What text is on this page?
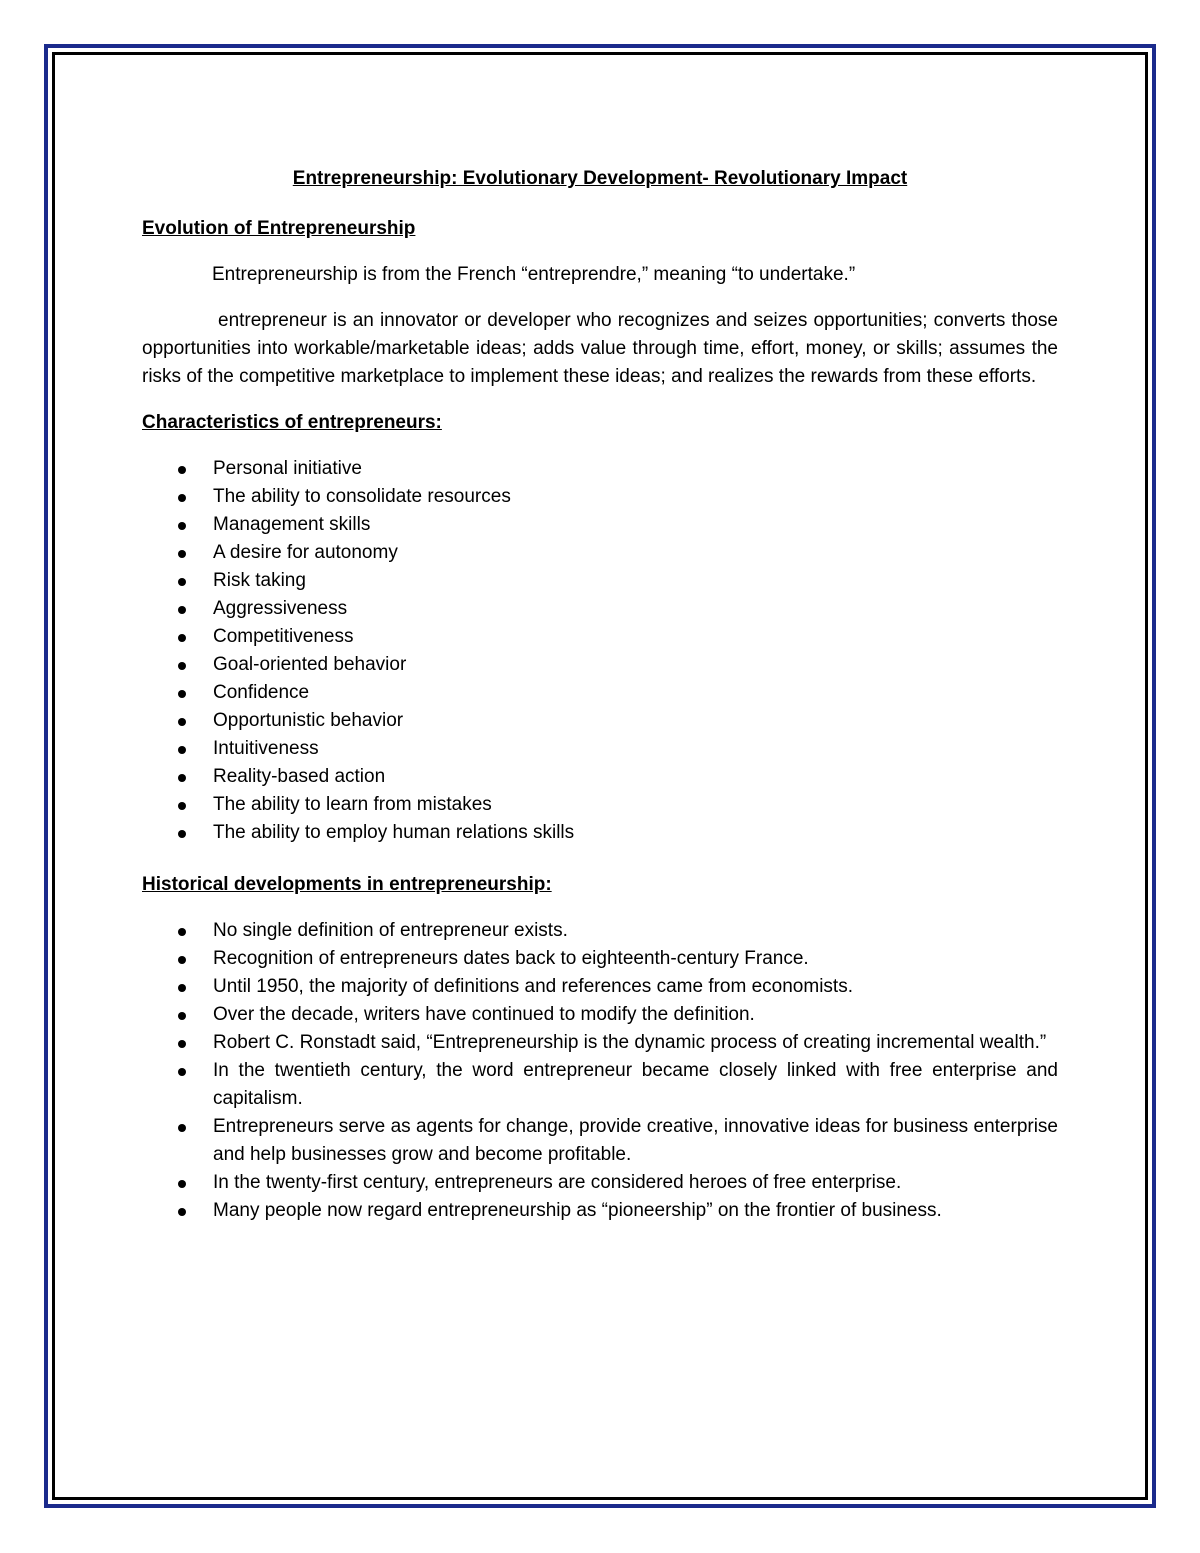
Entrepreneurship: Evolutionary Development- Revolutionary Impact
Evolution of Entrepreneurship

Entrepreneurship is from the French “entreprendre,” meaning “to undertake.”

entrepreneur is an innovator or developer who recognizes and seizes opportunities; converts those opportunities into workable/marketable ideas; adds value through time, effort, money, or skills; assumes the risks of the competitive marketplace to implement these ideas; and realizes the rewards from these efforts.

Characteristics of entrepreneurs:
Personal initiative
The ability to consolidate resources
Management skills
A desire for autonomy
Risk taking
Aggressiveness
Competitiveness
Goal-oriented behavior
Confidence
Opportunistic behavior
Intuitiveness
Reality-based action
The ability to learn from mistakes
The ability to employ human relations skills
Historical developments in entrepreneurship:
No single definition of entrepreneur exists.
Recognition of entrepreneurs dates back to eighteenth-century France.
Until 1950, the majority of definitions and references came from economists.
Over the decade, writers have continued to modify the definition.
Robert C. Ronstadt said, “Entrepreneurship is the dynamic process of creating incremental wealth.”
In the twentieth century, the word entrepreneur became closely linked with free enterprise and capitalism.
Entrepreneurs serve as agents for change, provide creative, innovative ideas for business enterprise and help businesses grow and become profitable.
In the twenty-first century, entrepreneurs are considered heroes of free enterprise.
Many people now regard entrepreneurship as “pioneership” on the frontier of business.
